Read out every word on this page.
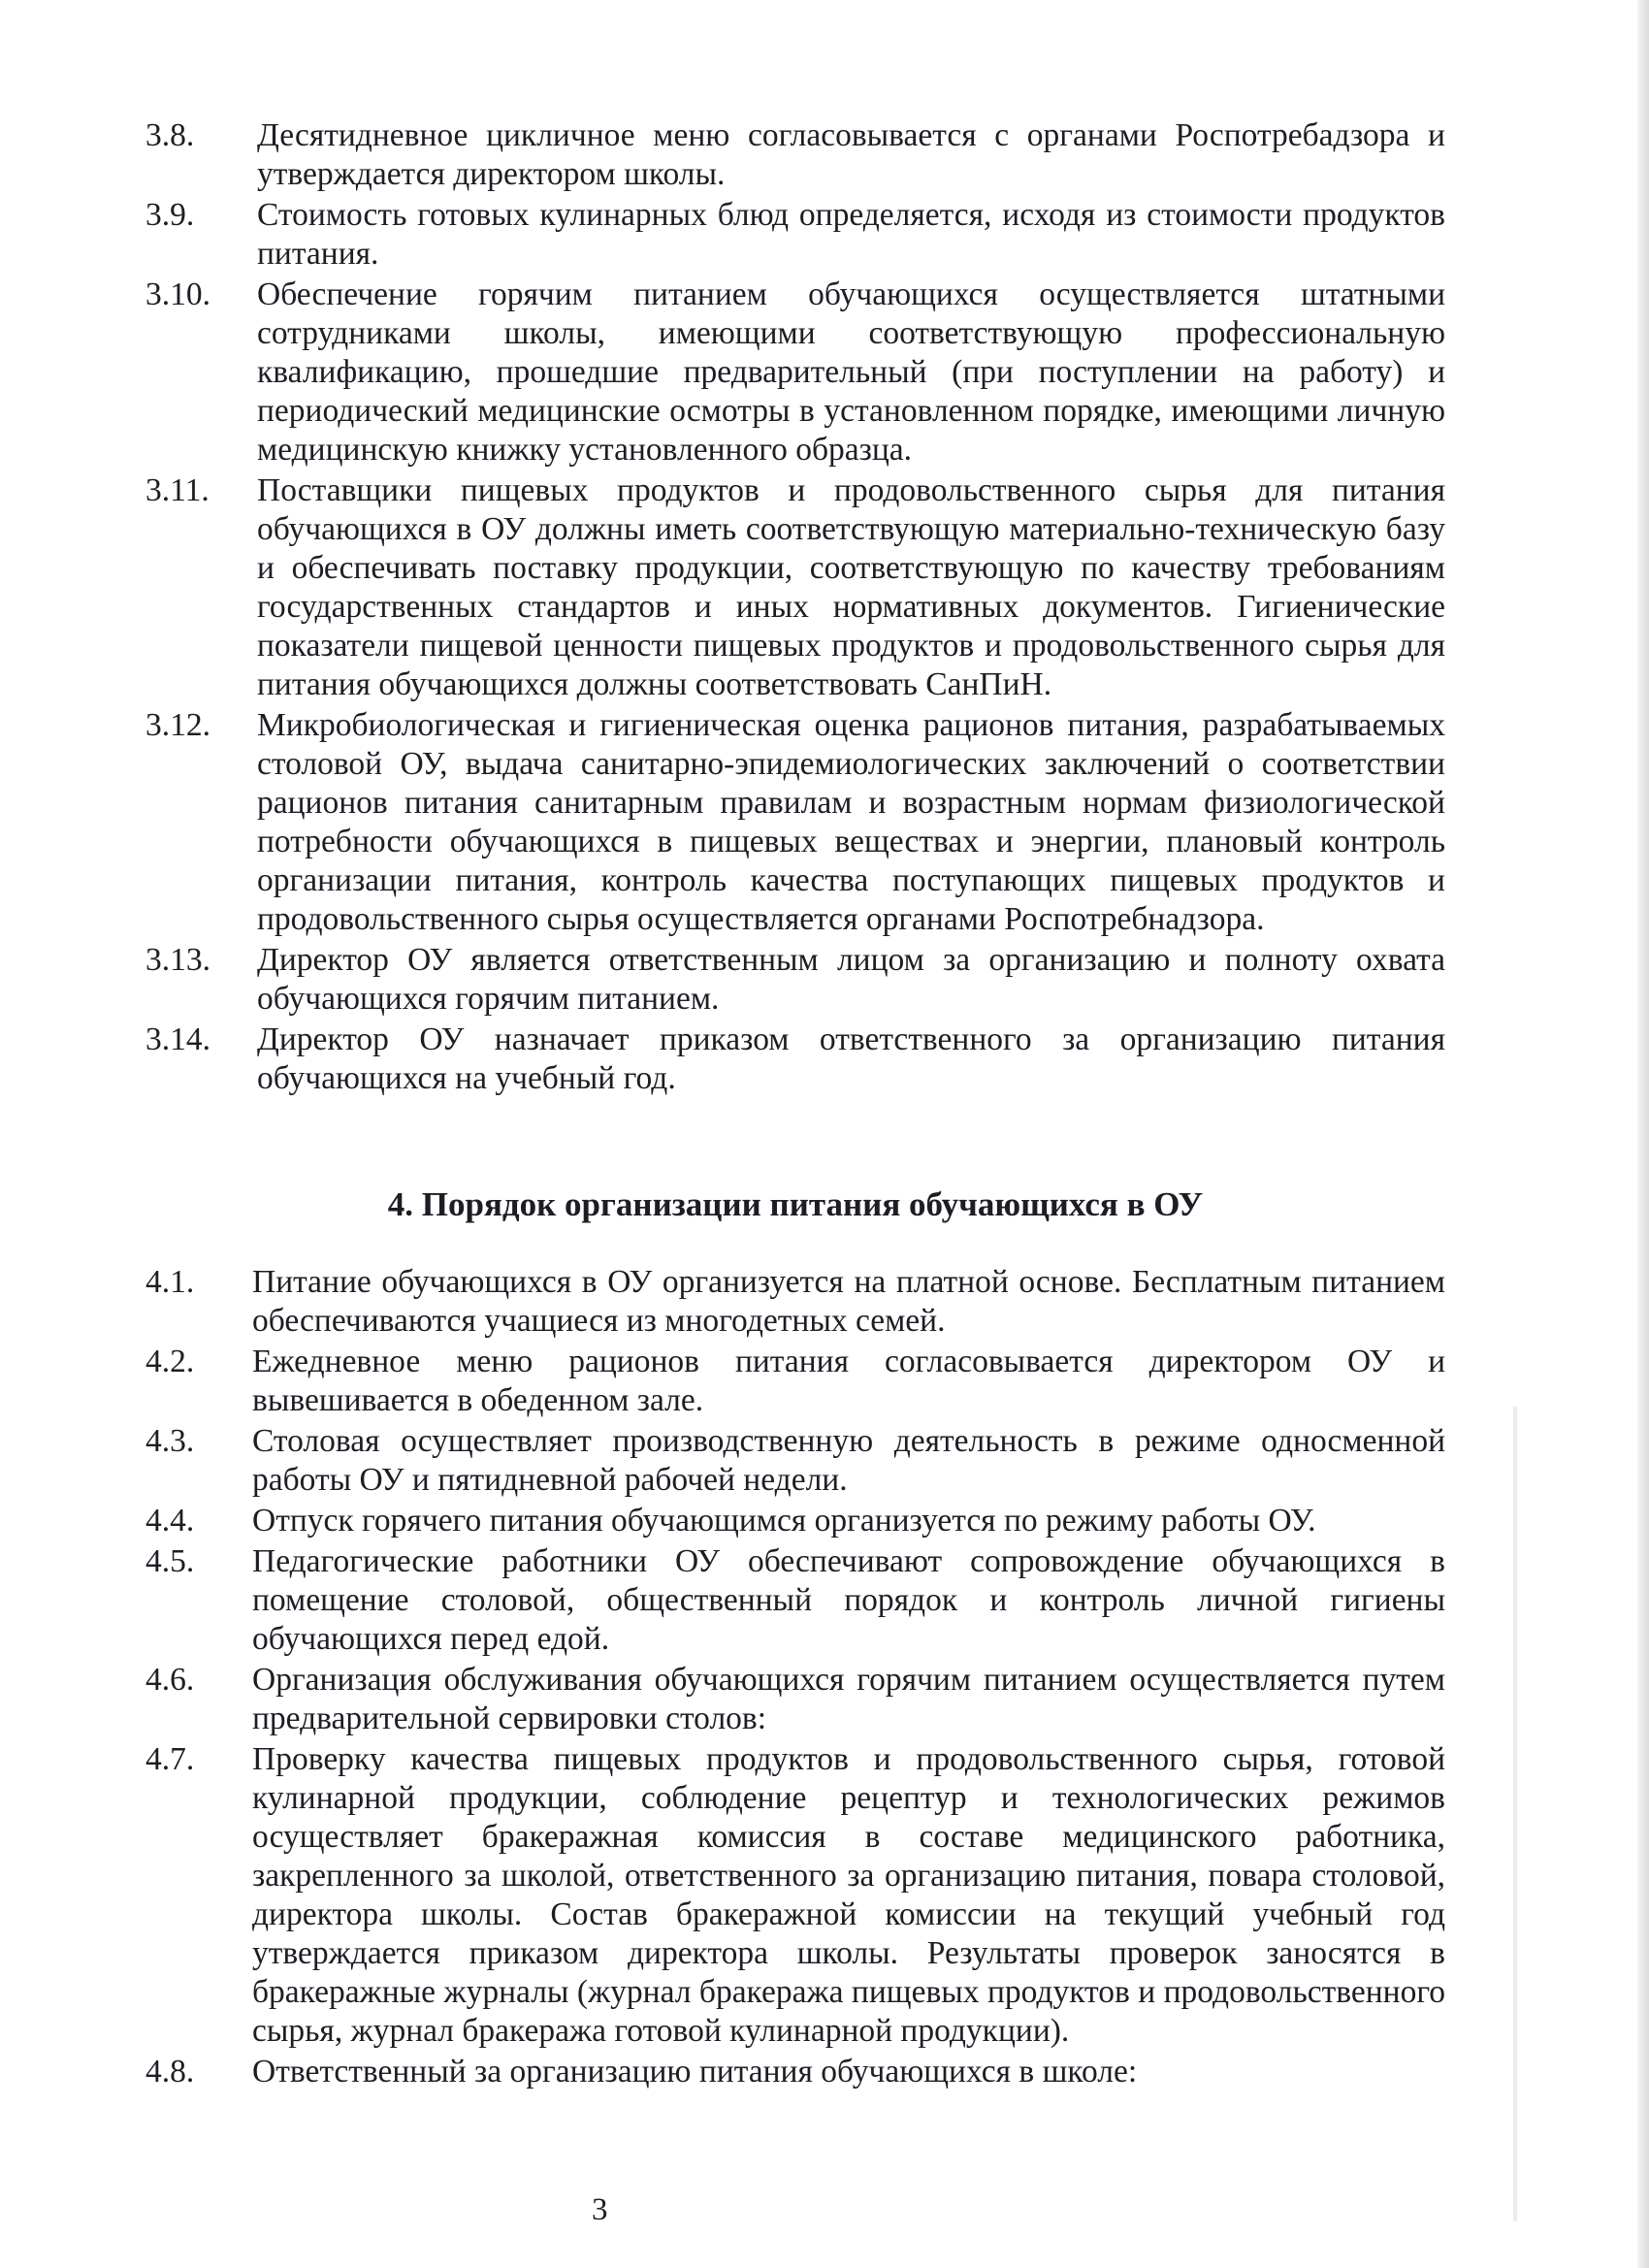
3.8. Десятидневное цикличное меню согласовывается с органами Роспотребадзора и утверждается директором школы.
3.9. Стоимость готовых кулинарных блюд определяется, исходя из стоимости продуктов питания.
3.10. Обеспечение горячим питанием обучающихся осуществляется штатными сотрудниками школы, имеющими соответствующую профессиональную квалификацию, прошедшие предварительный (при поступлении на работу) и периодический медицинские осмотры в установленном порядке, имеющими личную медицинскую книжку установленного образца.
3.11. Поставщики пищевых продуктов и продовольственного сырья для питания обучающихся в ОУ должны иметь соответствующую материально-техническую базу и обеспечивать поставку продукции, соответствующую по качеству требованиям государственных стандартов и иных нормативных документов. Гигиенические показатели пищевой ценности пищевых продуктов и продовольственного сырья для питания обучающихся должны соответствовать СанПиН.
3.12. Микробиологическая и гигиеническая оценка рационов питания, разрабатываемых столовой ОУ, выдача санитарно-эпидемиологических заключений о соответствии рационов питания санитарным правилам и возрастным нормам физиологической потребности обучающихся в пищевых веществах и энергии, плановый контроль организации питания, контроль качества поступающих пищевых продуктов и продовольственного сырья осуществляется органами Роспотребнадзора.
3.13. Директор ОУ является ответственным лицом за организацию и полноту охвата обучающихся горячим питанием.
3.14. Директор ОУ назначает приказом ответственного за организацию питания обучающихся на учебный год.
4. Порядок организации питания обучающихся в ОУ
4.1. Питание обучающихся в ОУ организуется на платной основе. Бесплатным питанием обеспечиваются учащиеся из многодетных семей.
4.2. Ежедневное меню рационов питания согласовывается директором ОУ и вывешивается в обеденном зале.
4.3. Столовая осуществляет производственную деятельность в режиме односменной работы ОУ и пятидневной рабочей недели.
4.4. Отпуск горячего питания обучающимся организуется по режиму работы ОУ.
4.5. Педагогические работники ОУ обеспечивают сопровождение обучающихся в помещение столовой, общественный порядок и контроль личной гигиены обучающихся перед едой.
4.6. Организация обслуживания обучающихся горячим питанием осуществляется путем предварительной сервировки столов:
4.7. Проверку качества пищевых продуктов и продовольственного сырья, готовой кулинарной продукции, соблюдение рецептур и технологических режимов осуществляет бракеражная комиссия в составе медицинского работника, закрепленного за школой, ответственного за организацию питания, повара столовой, директора школы. Состав бракеражной комиссии на текущий учебный год утверждается приказом директора школы. Результаты проверок заносятся в бракеражные журналы (журнал бракеража пищевых продуктов и продовольственного сырья, журнал бракеража готовой кулинарной продукции).
4.8. Ответственный за организацию питания обучающихся в школе:
3
